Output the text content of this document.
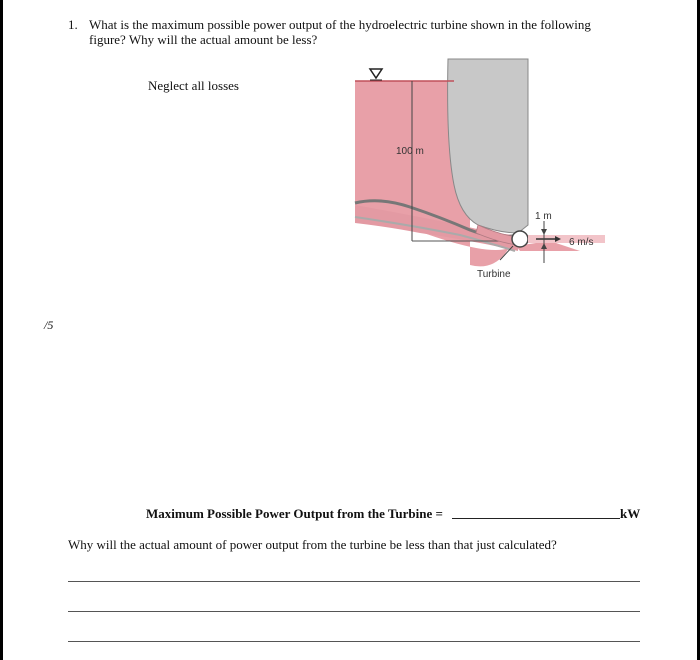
1. What is the maximum possible power output of the hydroelectric turbine shown in the following figure? Why will the actual amount be less?
Neglect all losses
/5
100 m
Turbine
6 m/s
1 m
Maximum Possible Power Output from the Turbine =	kW
Why will the actual amount of power output from the turbine be less than that just calculated?
